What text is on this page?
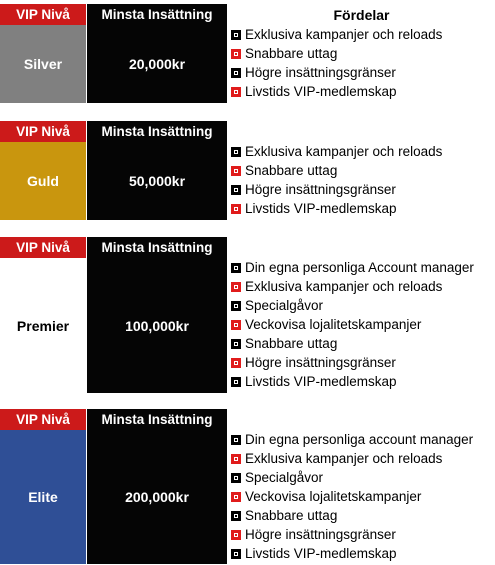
VIP Nivå	Minsta Insättning	Fördelar
Silver	20,000kr
Exklusiva kampanjer och reloads
Snabbare uttag
Högre insättningsgränser
Livstids VIP-medlemskap
VIP Nivå	Minsta Insättning
Guld	50,000kr
Exklusiva kampanjer och reloads
Snabbare uttag
Högre insättningsgränser
Livstids VIP-medlemskap
VIP Nivå	Minsta Insättning
Premier	100,000kr
Din egna personliga Account manager
Exklusiva kampanjer och reloads
Specialgåvor
Veckovisa lojalitetskampanjer
Snabbare uttag
Högre insättningsgränser
Livstids VIP-medlemskap
VIP Nivå	Minsta Insättning
Elite	200,000kr
Din egna personliga account manager
Exklusiva kampanjer och reloads
Specialgåvor
Veckovisa lojalitetskampanjer
Snabbare uttag
Högre insättningsgränser
Livstids VIP-medlemskap
